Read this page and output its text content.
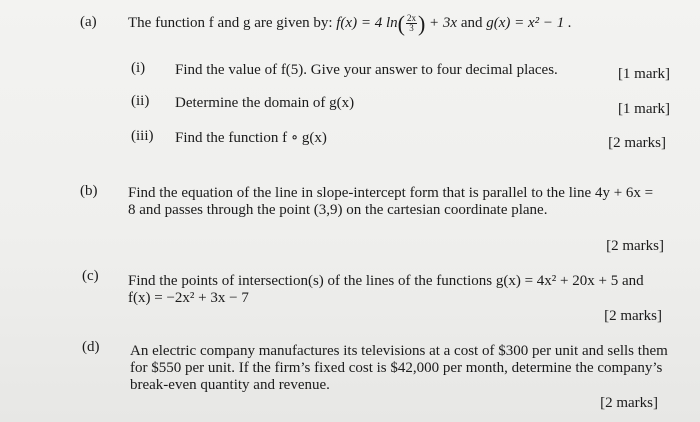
(a) The function f and g are given by: f(x) = 4 $\ln( \frac{2x}{3}$ ) + 3x and g(x) = x² − 1 .
(i) Find the value of f(5). Give your answer to four decimal places.	[1 mark]
(ii) Determine the domain of g(x)	[1 mark]
(iii) Find the function f ∘ g(x)	[2 marks]
(b) Find the equation of the line in slope-intercept form that is parallel to the line 4y + 6x =
8 and passes through the point (3,9) on the cartesian coordinate plane.
[2 marks]
(c) Find the points of intersection(s) of the lines of the functions g(x) = 4x² + 20x + 5 and
f(x) = −2x² + 3x − 7
[2 marks]
(d) An electric company manufactures its televisions at a cost of $300 per unit and sells them
for $550 per unit. If the firm’s fixed cost is $42,000 per month, determine the company’s
break-even quantity and revenue.
[2 marks]
